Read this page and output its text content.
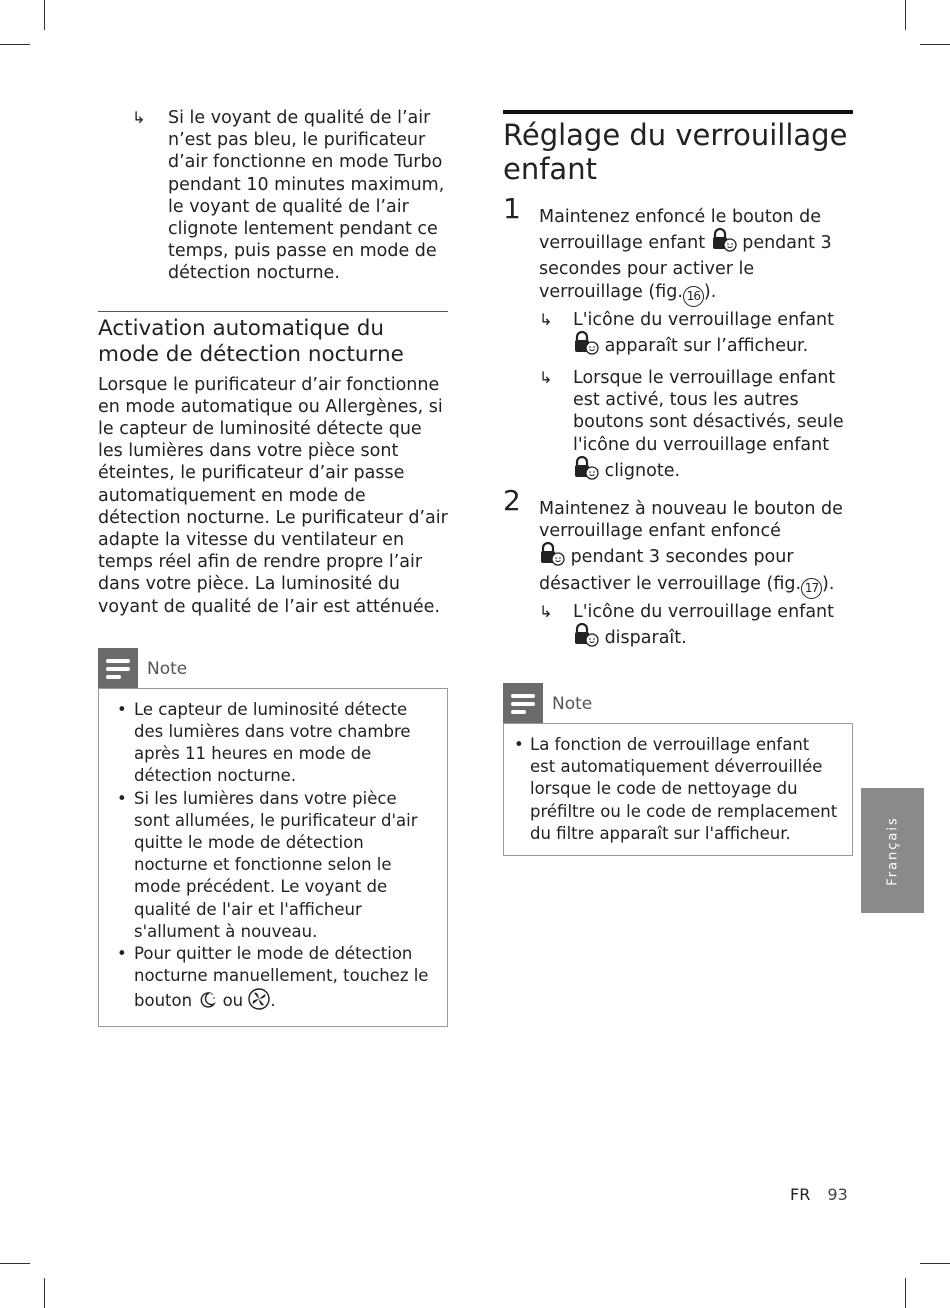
↳ Si le voyant de qualité de l’air n’est pas bleu, le purificateur d’air fonctionne en mode Turbo pendant 10 minutes maximum, le voyant de qualité de l’air clignote lentement pendant ce temps, puis passe en mode de détection nocturne.
Activation automatique du mode de détection nocturne

Lorsque le purificateur d’air fonctionne en mode automatique ou Allergènes, si le capteur de luminosité détecte que les lumières dans votre pièce sont éteintes, le purificateur d’air passe automatiquement en mode de détection nocturne. Le purificateur d’air adapte la vitesse du ventilateur en temps réel afin de rendre propre l’air dans votre pièce. La luminosité du voyant de qualité de l’air est atténuée.

Note
• Le capteur de luminosité détecte des lumières dans votre chambre après 11 heures en mode de détection nocturne.
• Si les lumières dans votre pièce sont allumées, le purificateur d'air quitte le mode de détection nocturne et fonctionne selon le mode précédent. Le voyant de qualité de l'air et l'afficheur s'allument à nouveau.
• Pour quitter le mode de détection nocturne manuellement, touchez le bouton ou .
Réglage du verrouillage enfant
1 Maintenez enfoncé le bouton de verrouillage enfant pendant 3 secondes pour activer le verrouillage (fig. 16 ).
↳ L'icône du verrouillage enfant
apparaît sur l’afficheur.
↳ Lorsque le verrouillage enfant est activé, tous les autres boutons sont désactivés, seule l'icône du verrouillage enfant
clignote.
2 Maintenez à nouveau le bouton de verrouillage enfant enfoncé
pendant 3 secondes pour désactiver le verrouillage (fig. 17 ).
↳ L'icône du verrouillage enfant
disparaît.
Note
• La fonction de verrouillage enfant est automatiquement déverrouillée lorsque le code de nettoyage du préfiltre ou le code de remplacement du filtre apparaît sur l'afficheur.	Français
FR 93
